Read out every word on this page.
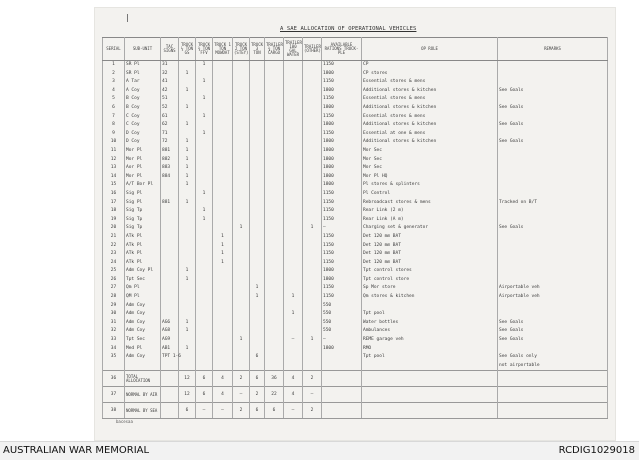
A SAE ALLOCATION OF OPERATIONAL VEHICLES
SERIAL	SUB-UNIT	TAC SIGNS	TRUCK ¼ TON GS	TRUCK ¾ TON FFV	TRUCK 1 TON MOWDAT	TRUCK 2 TON (STEY)	TRUCK 3 TON	TRAILER ¾ TON CARGO	TRAILER 100 GAL WATER	TRAILER (OTHER)	AVAILABLE RATIONS TRUCK-PLE	OP ROLE	REMARKS
1	SR Pl	31		1							1150	CP	
2	SR Pl	32	1								1800	CP stores	
3	A Tar	41		1							1150	Essential stores & mens	
4	A Coy	42	1								1800	Additional stores & kitchen	See Goals
5	B Coy	51		1							1150	Essential stores & mens	
6	B Coy	52	1								1800	Additional stores & kitchen	See Goals
7	C Coy	61		1							1150	Essential stores & mens	
8	C Coy	62	1								1800	Additional stores & kitchen	See Goals
9	D Coy	71		1							1150	Essential at one & mens	
10	D Coy	72	1								1800	Additional stores & kitchen	See Goals
11	Mor Pl	881	1								1800	Mor Sec	
12	Mor Pl	882	1								1800	Mor Sec	
13	Aor Pl	883	1								1800	Mor Sec	
14	Mor Pl	884	1								1800	Mor Pl HQ	
15	A/T Bor Pl		1								1800	Pl stores & splinters	
16	Sig Pl			1							1150	Pl Control	
17	Sig Pl	881	1								1150	Rebroadcast stores & mens	Tracked on B/T
18	Sig Tp			1							1150	Rear Link (2 m)	
19	Sig Tp			1							1150	Rear Link (A m)	
20	Sig Tp					1				1	–	Charging set & generator	See Goals
21	ATk Pl				1						1150	Det 120 mm BAT	
22	ATk Pl				1						1150	Det 120 mm BAT	
23	ATk Pl				1						1150	Det 120 mm BAT	
24	ATk Pl				1						1150	Det 120 mm BAT	
25	Adm Coy Pl		1								1800	Tpt control stores	
26	Tpt Sec		1								1800	Tpt control store	
27	Qm Pl						1				1150	Sp Mor store	Airportable veh
28	QM Pl						1		1		1150	Qm stores & kitchen	Airportable veh
29	Adm Coy										550		
30	Adm Coy								1		550	Tpt pool	
31	Adm Coy	AG6	1								550	Water bottles	See Goals
32	Adm Coy	AG8	1								550	Ambulances	See Goals
33	Tpt Sec	AG9				1			–	1	–	REME garage veh	See Goals
34	Med Pl	AB1	1								1800	RMO	
35	Adm Coy	TPT 1-6					6					Tpt pool	See Goals only
													not airportable
36	TOTAL ALLOCATION		12	6	4	2	6	36	4	2			
37	NORMAL BY AIR		12	6	4	–	2	22	4	–			
38	NORMAL BY SEA		6	–	–	2	6	6	–	2			
bacesaa
AUSTRALIAN WAR MEMORIAL	RCDIG1029018
